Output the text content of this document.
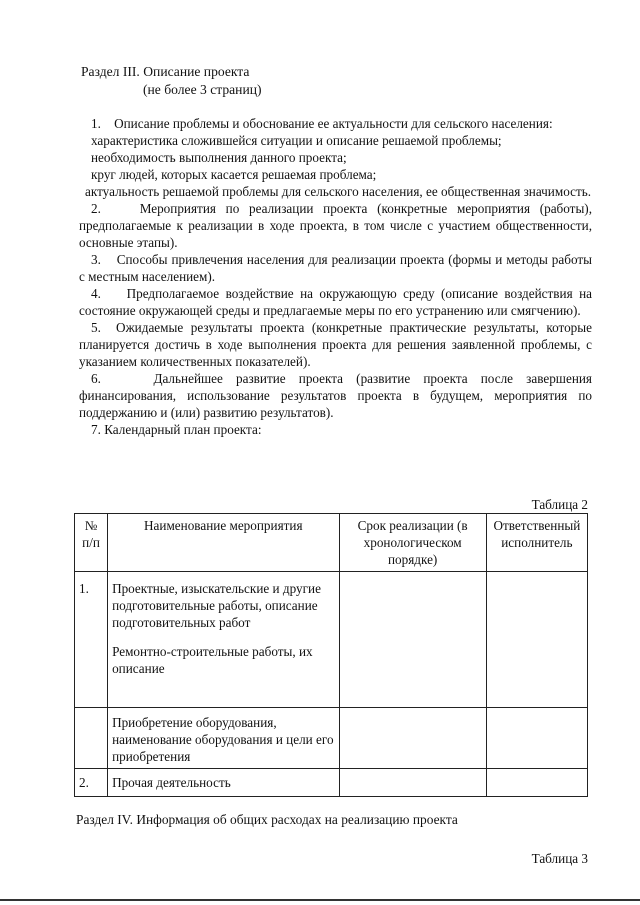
Раздел III. Описание проекта
(не более 3 страниц)

1. Описание проблемы и обоснование ее актуальности для сельского населения:

характеристика сложившейся ситуации и описание решаемой проблемы;

необходимость выполнения данного проекта;

круг людей, которых касается решаемая проблема;

актуальность решаемой проблемы для сельского населения, ее общественная значимость.

2.	Мероприятия по реализации проекта (конкретные мероприятия (работы), предполагаемые к реализации в ходе проекта, в том числе с участием общественности, основные этапы).

3. Способы привлечения населения для реализации проекта (формы и методы работы с местным населением).

4. Предполагаемое воздействие на окружающую среду (описание воздействия на состояние окружающей среды и предлагаемые меры по его устранению или смягчению).

5. Ожидаемые результаты проекта (конкретные практические результаты, которые планируется достичь в ходе выполнения проекта для решения заявленной проблемы, с указанием количественных показателей).

6.	Дальнейшее развитие проекта (развитие проекта после завершения финансирования, использование результатов проекта в будущем, мероприятия по поддержанию и (или) развитию результатов).

7. Календарный план проекта:

Таблица 2
№ п/п	Наименование мероприятия	Срок реализации (в хронологическом порядке)	Ответственный исполнитель
1.	Проектные, изыскательские и другие подготовительные работы, описание подготовительных работ
Ремонтно-строительные работы, их описание		

	Приобретение оборудования, наименование оборудования и цели его приобретения		

2.	Прочая деятельность		

Раздел IV. Информация об общих расходах на реализацию проекта
Таблица 3
